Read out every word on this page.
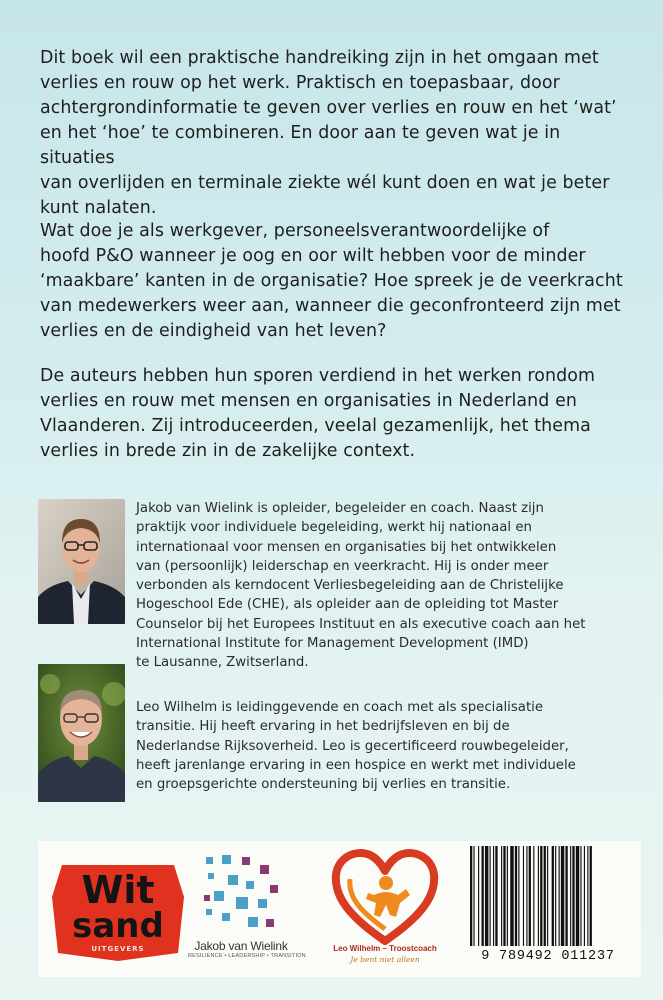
Dit boek wil een praktische handreiking zijn in het omgaan met
verlies en rouw op het werk. Praktisch en toepasbaar, door
achtergrondinformatie te geven over verlies en rouw en het ‘wat’
en het ‘hoe’ te combineren. En door aan te geven wat je in situaties
van overlijden en terminale ziekte wél kunt doen en wat je beter
kunt nalaten.

Wat doe je als werkgever, personeelsverantwoordelijke of
hoofd P&O wanneer je oog en oor wilt hebben voor de minder
‘maakbare’ kanten in de organisatie? Hoe spreek je de veerkracht
van medewerkers weer aan, wanneer die geconfronteerd zijn met
verlies en de eindigheid van het leven?

De auteurs hebben hun sporen verdiend in het werken rondom
verlies en rouw met mensen en organisaties in Nederland en
Vlaanderen. Zij introduceerden, veelal gezamenlijk, het thema
verlies in brede zin in de zakelijke context.

Jakob van Wielink is opleider, begeleider en coach. Naast zijn
praktijk voor individuele begeleiding, werkt hij nationaal en
internationaal voor mensen en organisaties bij het ontwikkelen
van (persoonlijk) leiderschap en veerkracht. Hij is onder meer
verbonden als kerndocent Verliesbegeleiding aan de Christelijke
Hogeschool Ede (CHE), als opleider aan de opleiding tot Master
Counselor bij het Europees Instituut en als executive coach aan het
International Institute for Management Development (IMD)
te Lausanne, Zwitserland.

Leo Wilhelm is leidinggevende en coach met als specialisatie
transitie. Hij heeft ervaring in het bedrijfsleven en bij de
Nederlandse Rijksoverheid. Leo is gecertificeerd rouwbegeleider,
heeft jarenlange ervaring in een hospice en werkt met individuele
en groepsgerichte ondersteuning bij verlies en transitie.

Wit
sand
UITGEVERS	Jakob van Wielink
RESILIENCE • LEADERSHIP • TRANSITION
Leo Wilhelm – Troostcoach
Je bent niet alleen	9 789492 011237
